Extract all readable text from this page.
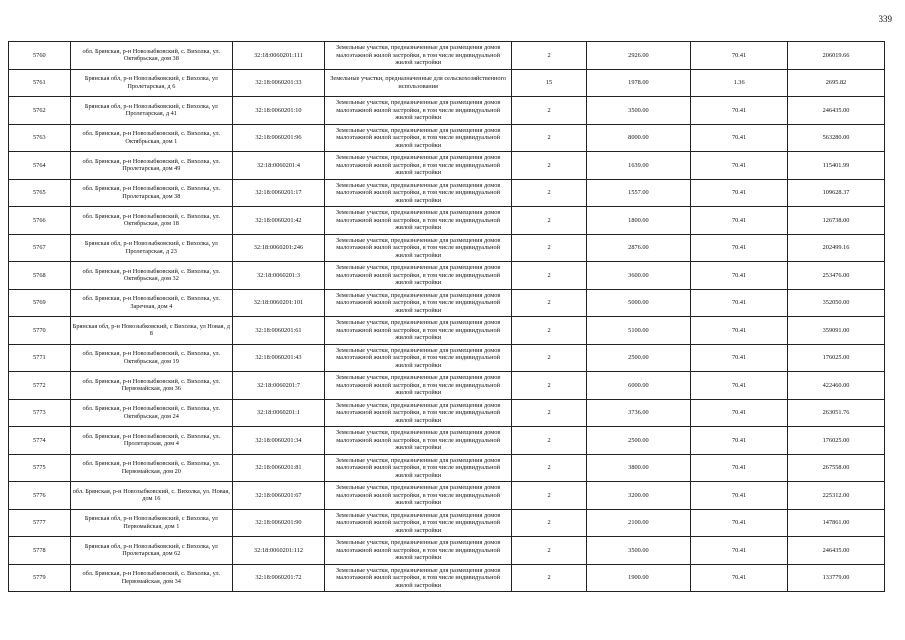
339
5760	обл. Брянская, р-н Новозыбковский, с. Вихолка, ул. Октябрьская, дом 38	32:18:0060201:111	Земельные участки, предназначенные для размещения домов малоэтажной жилой застройки, в том числе индивидуальной жилой застройки	2	2926.00	70.41	206019.66
5761	Брянская обл, р-н Новозыбковский, с Вихолка, ул Пролетарская, д 6	32:18:0060201:33	Земельные участки, предназначенные для сельскохозяйственного использования	15	1978.00	1.36	2695.82
5762	Брянская обл, р-н Новозыбковский, с Вихолка, ул Пролетарская, д 41	32:18:0060201:10	Земельные участки, предназначенные для размещения домов малоэтажной жилой застройки, в том числе индивидуальной жилой застройки	2	3500.00	70.41	246435.00
5763	обл. Брянская, р-н Новозыбковский, с. Вихолка, ул. Октябрьская, дом 1	32:18:0060201:96	Земельные участки, предназначенные для размещения домов малоэтажной жилой застройки, в том числе индивидуальной жилой застройки	2	8000.00	70.41	563280.00
5764	обл. Брянская, р-н Новозыбковский, с. Вихолка, ул. Пролетарская, дом 49	32:18:0060201:4	Земельные участки, предназначенные для размещения домов малоэтажной жилой застройки, в том числе индивидуальной жилой застройки	2	1639.00	70.41	115401.99
5765	обл. Брянская, р-н Новозыбковский, с. Вихолка, ул. Пролетарская, дом 38	32:18:0060201:17	Земельные участки, предназначенные для размещения домов малоэтажной жилой застройки, в том числе индивидуальной жилой застройки	2	1557.00	70.41	109628.37
5766	обл. Брянская, р-н Новозыбковский, с. Вихолка, ул. Октябрьская, дом 18	32:18:0060201:42	Земельные участки, предназначенные для размещения домов малоэтажной жилой застройки, в том числе индивидуальной жилой застройки	2	1800.00	70.41	126738.00
5767	Брянская обл, р-н Новозыбковский, с Вихолка, ул Пролетарская, д 23	32:18:0060201:246	Земельные участки, предназначенные для размещения домов малоэтажной жилой застройки, в том числе индивидуальной жилой застройки	2	2876.00	70.41	202499.16
5768	обл. Брянская, р-н Новозыбковский, с. Вихолка, ул. Октябрьская, дом 32	32:18:0060201:3	Земельные участки, предназначенные для размещения домов малоэтажной жилой застройки, в том числе индивидуальной жилой застройки	2	3600.00	70.41	253476.00
5769	обл. Брянская, р-н Новозыбковский, с. Вихолка, ул. Заречная, дом 4	32:18:0060201:101	Земельные участки, предназначенные для размещения домов малоэтажной жилой застройки, в том числе индивидуальной жилой застройки	2	5000.00	70.41	352050.00
5770	Брянская обл, р-н Новозыбковский, с Вихолка, ул Новая, д 8	32:18:0060201:61	Земельные участки, предназначенные для размещения домов малоэтажной жилой застройки, в том числе индивидуальной жилой застройки	2	5100.00	70.41	359091.00
5771	обл. Брянская, р-н Новозыбковский, с. Вихолка, ул. Октябрьская, дом 19	32:18:0060201:43	Земельные участки, предназначенные для размещения домов малоэтажной жилой застройки, в том числе индивидуальной жилой застройки	2	2500.00	70.41	176025.00
5772	обл. Брянская, р-н Новозыбковский, с. Вихолка, ул. Первомайская, дом 36	32:18:0060201:7	Земельные участки, предназначенные для размещения домов малоэтажной жилой застройки, в том числе индивидуальной жилой застройки	2	6000.00	70.41	422460.00
5773	обл. Брянская, р-н Новозыбковский, с. Вихолка, ул. Октябрьская, дом 24	32:18:0060201:1	Земельные участки, предназначенные для размещения домов малоэтажной жилой застройки, в том числе индивидуальной жилой застройки	2	3736.00	70.41	263051.76
5774	обл. Брянская, р-н Новозыбковский, с. Вихолка, ул. Пролетарская, дом 4	32:18:0060201:34	Земельные участки, предназначенные для размещения домов малоэтажной жилой застройки, в том числе индивидуальной жилой застройки	2	2500.00	70.41	176025.00
5775	обл. Брянская, р-н Новозыбковский, с. Вихолка, ул. Первомайская, дом 20	32:18:0060201:81	Земельные участки, предназначенные для размещения домов малоэтажной жилой застройки, в том числе индивидуальной жилой застройки	2	3800.00	70.41	267558.00
5776	обл. Брянская, р-н Новозыбковский, с. Вихолка, ул. Новая, дом 16	32:18:0060201:67	Земельные участки, предназначенные для размещения домов малоэтажной жилой застройки, в том числе индивидуальной жилой застройки	2	3200.00	70.41	225312.00
5777	Брянская обл, р-н Новозыбковский, с Вихолка, ул Первомайская, дом 1	32:18:0060201:90	Земельные участки, предназначенные для размещения домов малоэтажной жилой застройки, в том числе индивидуальной жилой застройки	2	2100.00	70.41	147861.00
5778	Брянская обл, р-н Новозыбковский, с Вихолка, ул Пролетарская, дом 62	32:18:0060201:112	Земельные участки, предназначенные для размещения домов малоэтажной жилой застройки, в том числе индивидуальной жилой застройки	2	3500.00	70.41	246435.00
5779	обл. Брянская, р-н Новозыбковский, с. Вихолка, ул. Первомайская, дом 34	32:18:0060201:72	Земельные участки, предназначенные для размещения домов малоэтажной жилой застройки, в том числе индивидуальной жилой застройки	2	1900.00	70.41	133779.00
